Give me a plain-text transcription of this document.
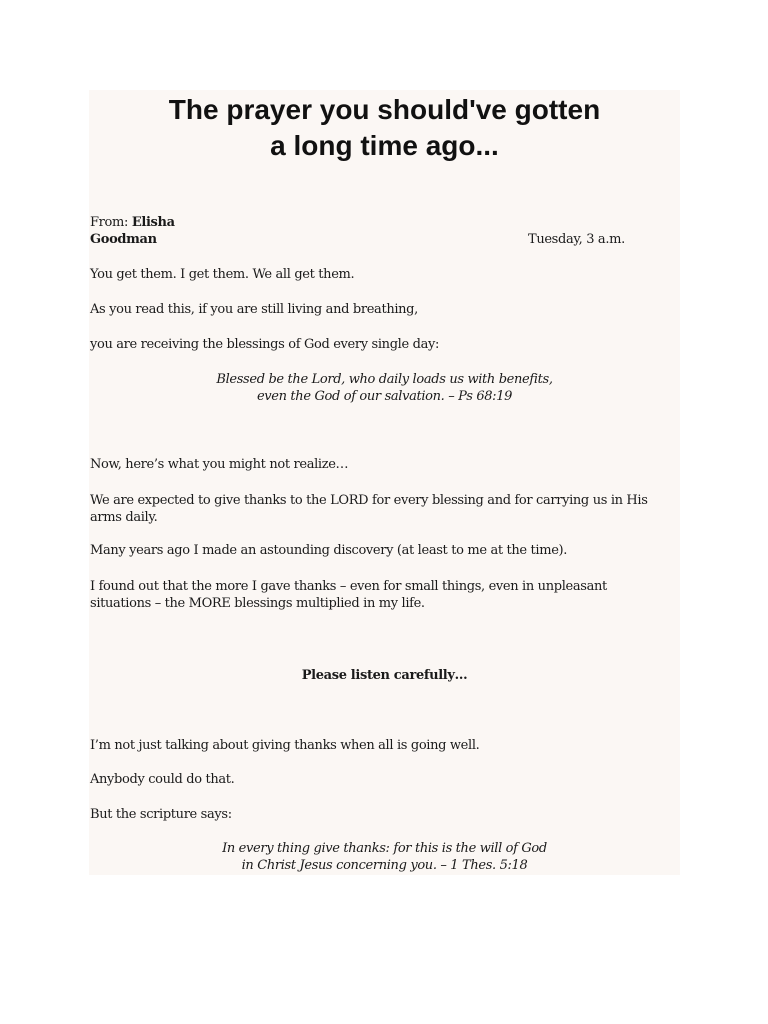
The prayer you should've gotten
a long time ago...

From: Elisha

Goodman	Tuesday, 3 a.m.

You get them. I get them. We all get them.

As you read this, if you are still living and breathing,

you are receiving the blessings of God every single day:

Blessed be the Lord, who daily loads us with benefits,
even the God of our salvation. – Ps 68:19

Now, here’s what you might not realize…

We are expected to give thanks to the LORD for every blessing and for carrying us in His
arms daily.

Many years ago I made an astounding discovery (at least to me at the time).

I found out that the more I gave thanks – even for small things, even in unpleasant
situations – the MORE blessings multiplied in my life.

Please listen carefully…

I’m not just talking about giving thanks when all is going well.

Anybody could do that.

But the scripture says:

In every thing give thanks: for this is the will of God
in Christ Jesus concerning you. – 1 Thes. 5:18
